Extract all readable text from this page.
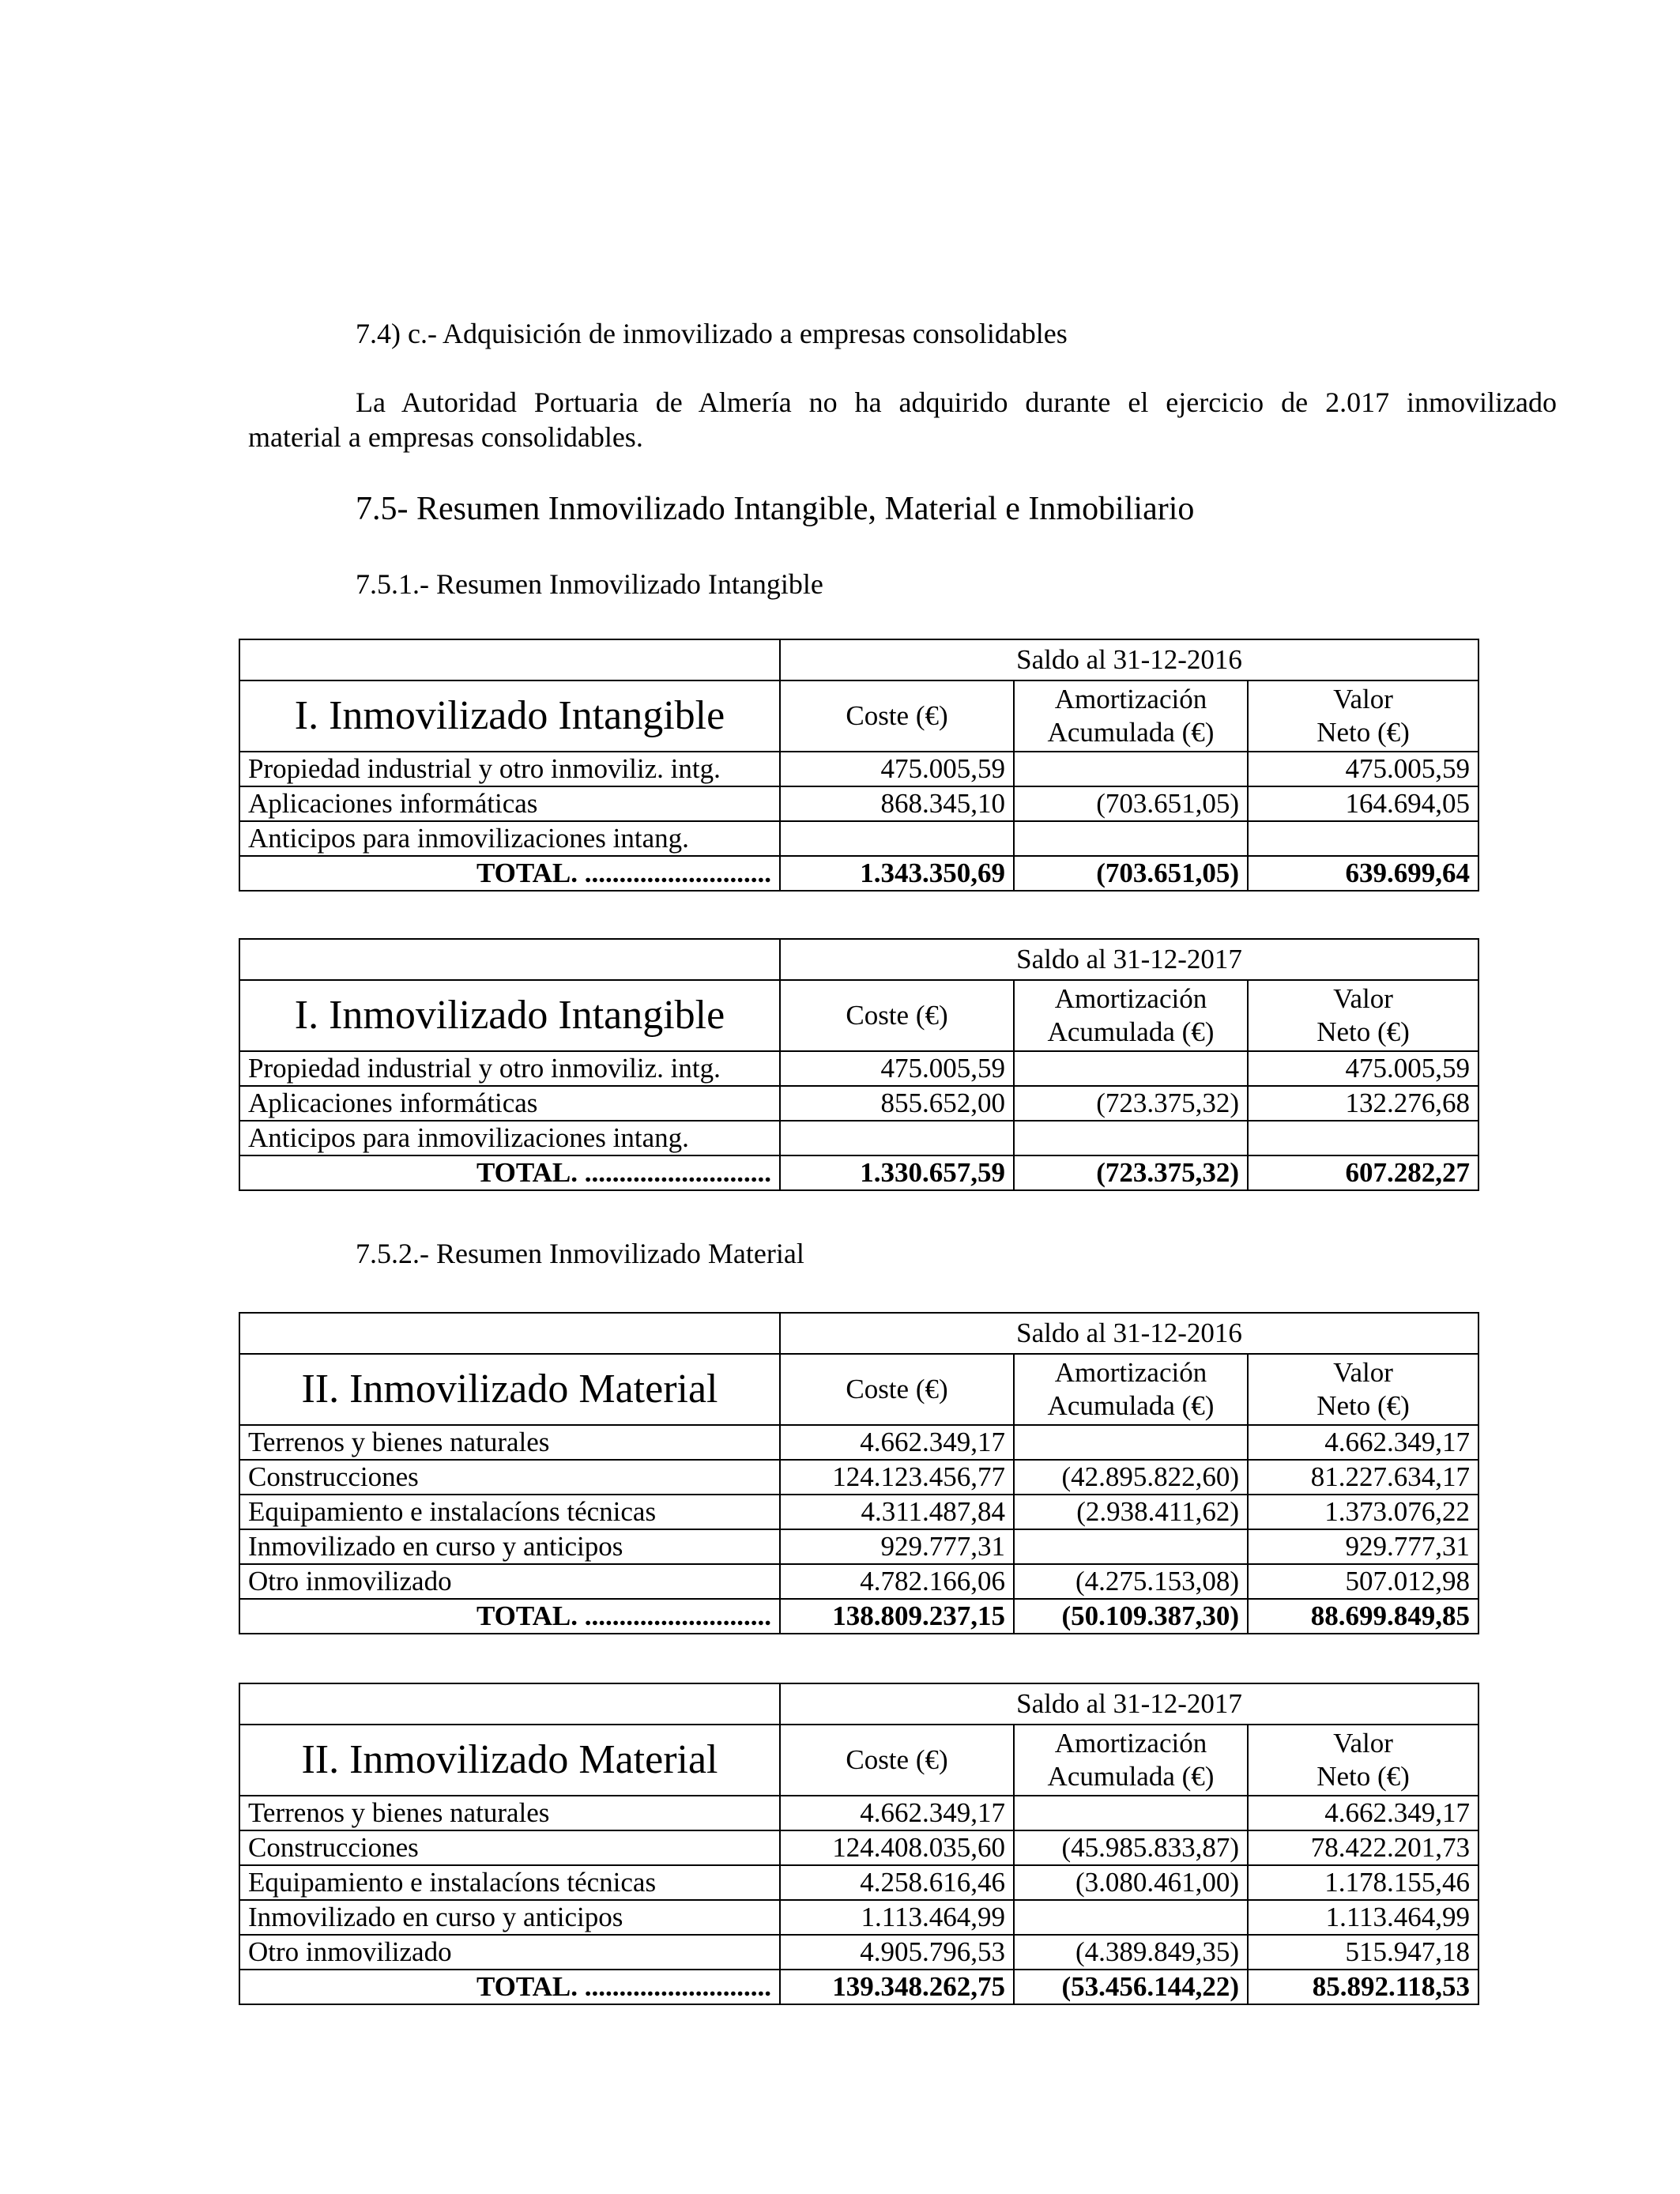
7.4) c.- Adquisición de inmovilizado a empresas consolidables
La Autoridad Portuaria de Almería no ha adquirido durante el ejercicio de 2.017 inmovilizado
material a empresas consolidables.
7.5- Resumen Inmovilizado Intangible, Material e Inmobiliario
7.5.1.- Resumen Inmovilizado Intangible
	Saldo al 31-12-2016		
I. Inmovilizado Intangible	Coste (€)	Amortización
Acumulada (€)	Valor
Neto (€)
Propiedad industrial y otro inmoviliz. intg.	475.005,59		475.005,59
Aplicaciones informáticas	868.345,10	(703.651,05)	164.694,05
Anticipos para inmovilizaciones intang.			
TOTAL. ...........................	1.343.350,69	(703.651,05)	639.699,64
	Saldo al 31-12-2017		
I. Inmovilizado Intangible	Coste (€)	Amortización
Acumulada (€)	Valor
Neto (€)
Propiedad industrial y otro inmoviliz. intg.	475.005,59		475.005,59
Aplicaciones informáticas	855.652,00	(723.375,32)	132.276,68
Anticipos para inmovilizaciones intang.			
TOTAL. ...........................	1.330.657,59	(723.375,32)	607.282,27
7.5.2.- Resumen Inmovilizado Material
	Saldo al 31-12-2016		
II. Inmovilizado Material	Coste (€)	Amortización
Acumulada (€)	Valor
Neto (€)
Terrenos y bienes naturales	4.662.349,17		4.662.349,17
Construcciones	124.123.456,77	(42.895.822,60)	81.227.634,17
Equipamiento e instalacíons técnicas	4.311.487,84	(2.938.411,62)	1.373.076,22
Inmovilizado en curso y anticipos	929.777,31		929.777,31
Otro inmovilizado	4.782.166,06	(4.275.153,08)	507.012,98
TOTAL. ...........................	138.809.237,15	(50.109.387,30)	88.699.849,85
	Saldo al 31-12-2017		
II. Inmovilizado Material	Coste (€)	Amortización
Acumulada (€)	Valor
Neto (€)
Terrenos y bienes naturales	4.662.349,17		4.662.349,17
Construcciones	124.408.035,60	(45.985.833,87)	78.422.201,73
Equipamiento e instalacíons técnicas	4.258.616,46	(3.080.461,00)	1.178.155,46
Inmovilizado en curso y anticipos	1.113.464,99		1.113.464,99
Otro inmovilizado	4.905.796,53	(4.389.849,35)	515.947,18
TOTAL. ...........................	139.348.262,75	(53.456.144,22)	85.892.118,53
